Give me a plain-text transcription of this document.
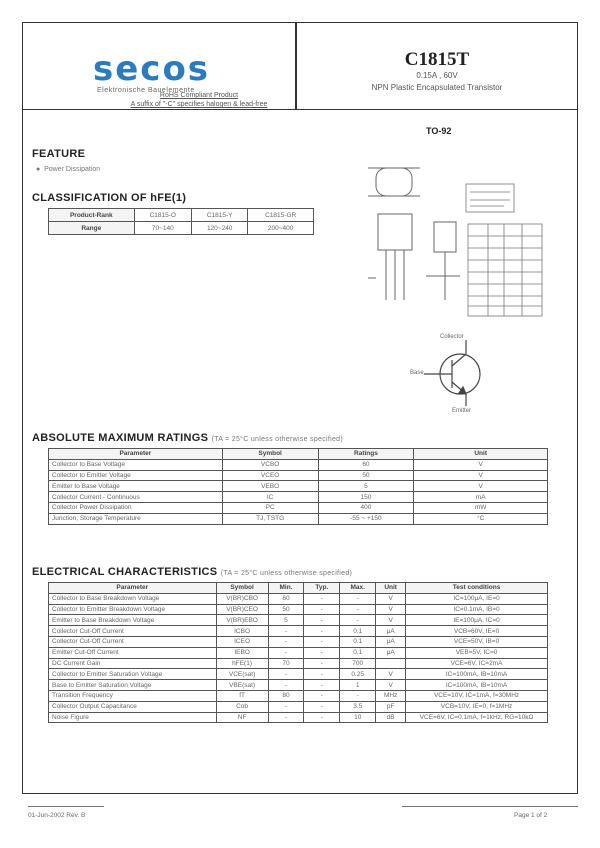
secos
Elektronische Bauelemente
C1815T
0.15A , 60V
NPN Plastic Encapsulated Transistor
RoHS Compliant Product
A suffix of "-C" specifies halogen & lead-free
FEATURE
●  Power Dissipation
CLASSIFICATION OF hFE(1)
Product-Rank	C1815-O	C1815-Y	C1815-GR
Range	70~140	120~240	200~400
TO-92
Collector
Base
Emitter
ABSOLUTE MAXIMUM RATINGS (TA = 25°C unless otherwise specified)
Parameter	Symbol	Ratings	Unit
Collector to Base Voltage	VCBO	60	V
Collector to Emitter Voltage	VCEO	50	V
Emitter to Base Voltage	VEBO	5	V
Collector Current - Continuous	IC	150	mA
Collector Power Dissipation	PC	400	mW
Junction, Storage Temperature	TJ, TSTG	-55 ~ +150	°C
ELECTRICAL CHARACTERISTICS (TA = 25°C unless otherwise specified)
Parameter	Symbol	Min.	Typ.	Max.	Unit	Test conditions
Collector to Base Breakdown Voltage	V(BR)CBO	60	-	-	V	IC=100μA, IE=0
Collector to Emitter Breakdown Voltage	V(BR)CEO	50	-	-	V	IC=0.1mA, IB=0
Emitter to Base Breakdown Voltage	V(BR)EBO	5	-	-	V	IE=100μA, IC=0
Collector Cut-Off Current	ICBO	-	-	0.1	μA	VCB=60V, IE=0
Collector Cut-Off Current	ICEO	-	-	0.1	μA	VCE=50V, IB=0
Emitter Cut-Off Current	IEBO	-	-	0.1	μA	VEB=5V, IC=0
DC Current Gain	hFE(1)	70	-	700		VCE=6V, IC=2mA
Collector to Emitter Saturation Voltage	VCE(sat)	-	-	0.25	V	IC=100mA, IB=10mA
Base to Emitter Saturation Voltage	VBE(sat)	-	-	1	V	IC=100mA, IB=10mA
Transition Frequency	fT	80	-	-	MHz	VCE=10V, IC=1mA, f=30MHz
Collector Output Capacitance	Cob	-	-	3.5	pF	VCB=10V, IE=0, f=1MHz
Noise Figure	NF	-	-	10	dB	VCE=6V, IC=0.1mA, f=1kHz, RG=10kΩ
01-Jun-2002 Rev. B	Page 1 of 2
